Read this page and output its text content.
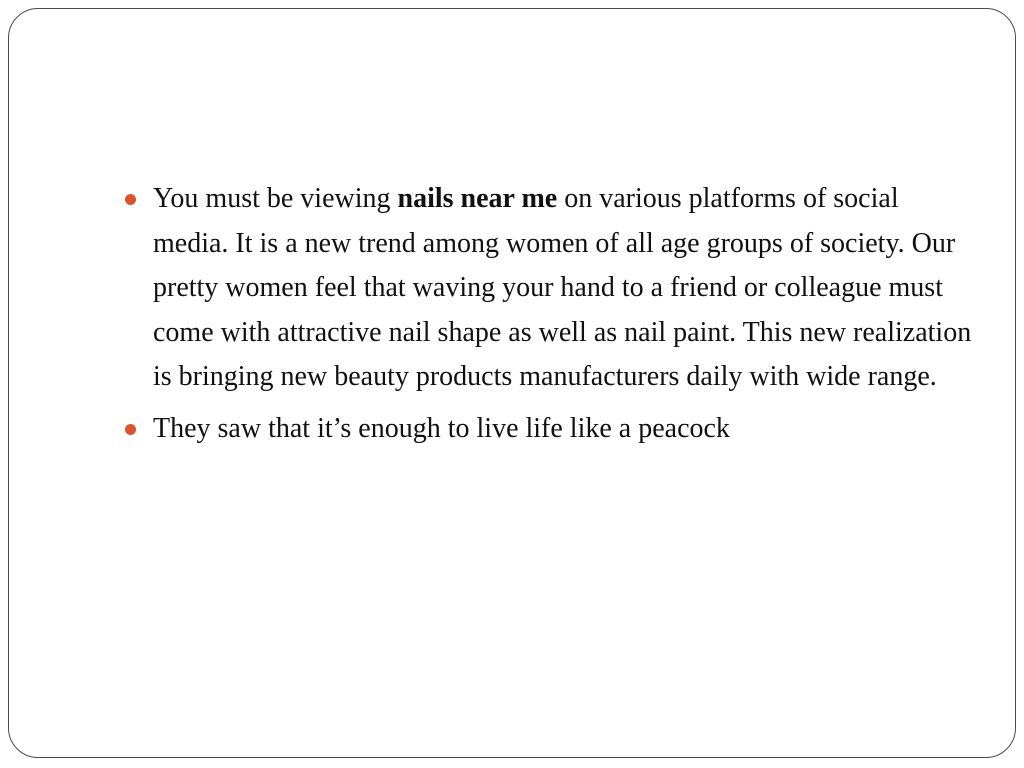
You must be viewing nails near me on various platforms of social media. It is a new trend among women of all age groups of society. Our pretty women feel that waving your hand to a friend or colleague must come with attractive nail shape as well as nail paint. This new realization is bringing new beauty products manufacturers daily with wide range.
They saw that it’s enough to live life like a peacock
